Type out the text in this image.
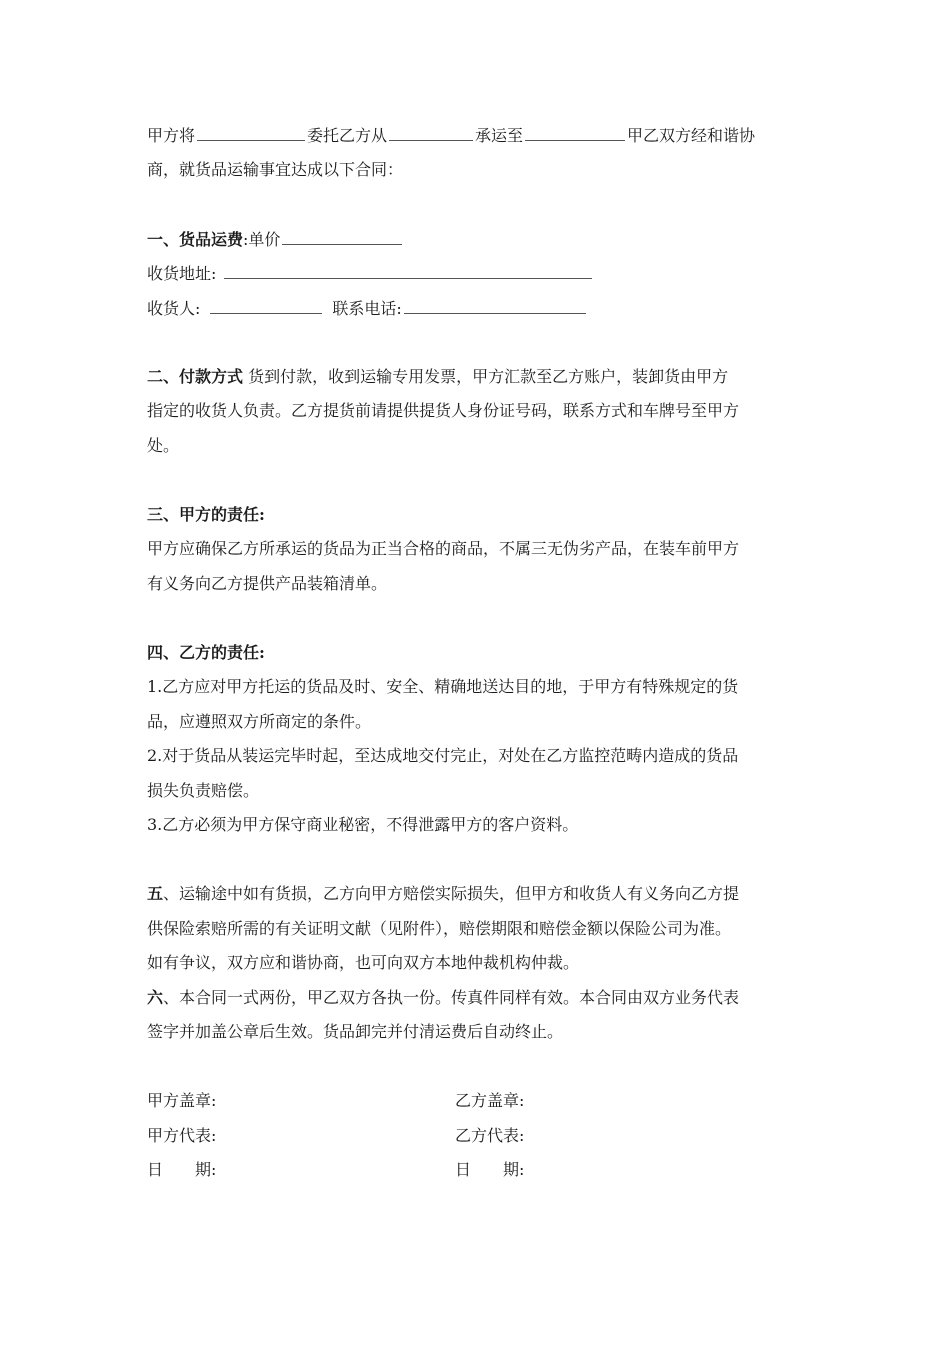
甲方将	委托乙方从	承运至	甲乙双方经和谐协
商，就货品运输事宜达成以下合同：
一、货品运费:单价
收货地址:
收货人:	联系电话:
二、付款方式 货到付款，收到运输专用发票，甲方汇款至乙方账户，装卸货由甲方
指定的收货人负责。乙方提货前请提供提货人身份证号码，联系方式和车牌号至甲方
处。
三、甲方的责任:
甲方应确保乙方所承运的货品为正当合格的商品，不属三无伪劣产品，在装车前甲方
有义务向乙方提供产品装箱清单。
四、乙方的责任:
1.乙方应对甲方托运的货品及时、安全、精确地送达目的地，于甲方有特殊规定的货
品，应遵照双方所商定的条件。
2.对于货品从装运完毕时起，至达成地交付完止，对处在乙方监控范畴内造成的货品
损失负责赔偿。
3.乙方必须为甲方保守商业秘密，不得泄露甲方的客户资料。
五、运输途中如有货损，乙方向甲方赔偿实际损失，但甲方和收货人有义务向乙方提
供保险索赔所需的有关证明文献（见附件），赔偿期限和赔偿金额以保险公司为准。
如有争议，双方应和谐协商，也可向双方本地仲裁机构仲裁。
六、本合同一式两份，甲乙双方各执一份。传真件同样有效。本合同由双方业务代表
签字并加盖公章后生效。货品卸完并付清运费后自动终止。
甲方盖章:	乙方盖章:
甲方代表:	乙方代表:
日　　期:	日　　期:
